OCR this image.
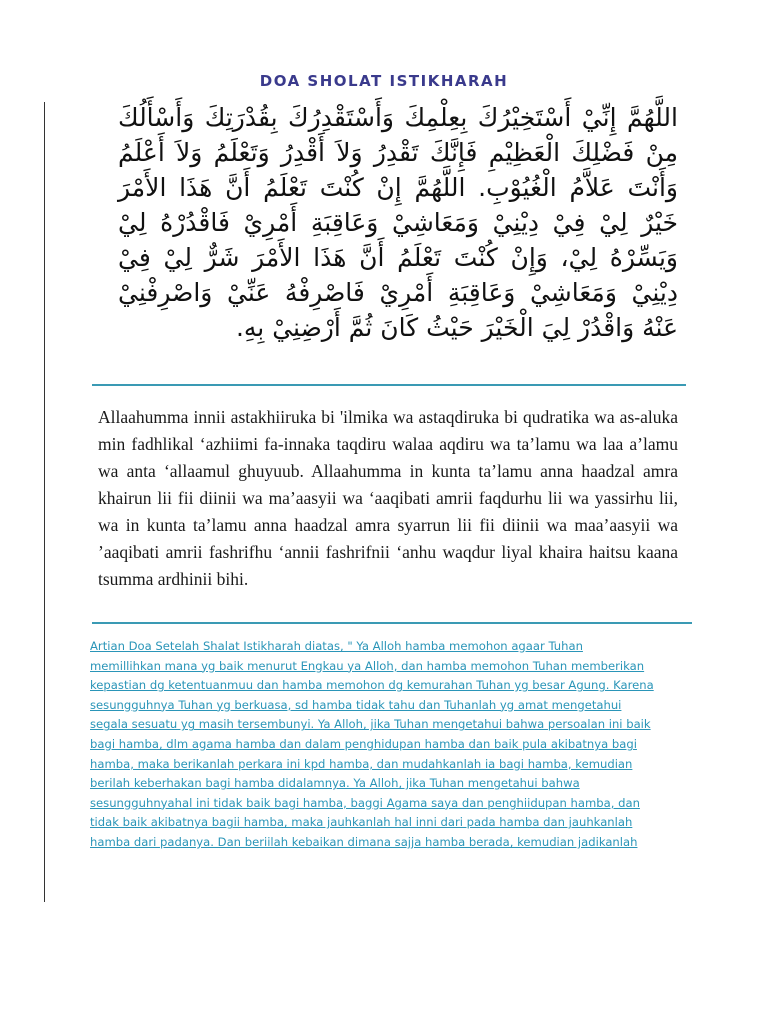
DOA SHOLAT ISTIKHARAH

اللَّهُمَّ إِنِّيْ أَسْتَخِيْرُكَ بِعِلْمِكَ وَأَسْتَقْدِرُكَ بِقُدْرَتِكَ وَأَسْأَلُكَ مِنْ فَضْلِكَ الْعَظِيْمِ فَإِنَّكَ تَقْدِرُ وَلاَ أَقْدِرُ وَتَعْلَمُ وَلاَ أَعْلَمُ وَأَنْتَ عَلاَّمُ الْغُيُوْبِ. اللَّهُمَّ إِنْ كُنْتَ تَعْلَمُ أَنَّ هَذَا الأَمْرَ خَيْرٌ لِيْ فِيْ دِيْنِيْ وَمَعَاشِيْ وَعَاقِبَةِ أَمْرِيْ فَاقْدُرْهُ لِيْ وَيَسِّرْهُ لِيْ، وَإِنْ كُنْتَ تَعْلَمُ أَنَّ هَذَا الأَمْرَ شَرٌّ لِيْ فِيْ دِيْنِيْ وَمَعَاشِيْ وَعَاقِبَةِ أَمْرِيْ فَاصْرِفْهُ عَنِّيْ وَاصْرِفْنِيْ عَنْهُ وَاقْدُرْ لِيَ الْخَيْرَ حَيْثُ كَانَ ثُمَّ أَرْضِنِيْ بِهِ.

Allaahumma innii astakhiiruka bi 'ilmika wa astaqdiruka bi qudratika wa as-aluka min fadhlikal ‘azhiimi fa-innaka taqdiru walaa aqdiru wa ta’lamu wa laa a’lamu wa anta ‘allaamul ghuyuub. Allaahumma in kunta ta’lamu anna haadzal amra khairun lii fii diinii wa ma’aasyii wa ‘aaqibati amrii faqdurhu lii wa yassirhu lii, wa in kunta ta’lamu anna haadzal amra syarrun lii fii diinii wa maa’aasyii wa ’aaqibati amrii fashrifhu ‘annii fashrifnii ‘anhu waqdur liyal khaira haitsu kaana tsumma ardhinii bihi.

Artian Doa Setelah Shalat Istikharah diatas, " Ya Alloh hamba memohon agaar Tuhan memillihkan mana yg baik menurut Engkau ya Alloh, dan hamba memohon Tuhan memberikan kepastian dg ketentuanmuu dan hamba memohon dg kemurahan Tuhan yg besar Agung. Karena sesungguhnya Tuhan yg berkuasa, sd hamba tidak tahu dan Tuhanlah yg amat mengetahui segala sesuatu yg masih tersembunyi. Ya Alloh, jika Tuhan mengetahui bahwa persoalan ini baik bagi hamba, dlm agama hamba dan dalam penghidupan hamba dan baik pula akibatnya bagi hamba, maka berikanlah perkara ini kpd hamba, dan mudahkanlah ia bagi hamba, kemudian berilah keberhakan bagi hamba didalamnya. Ya Alloh, jika Tuhan mengetahui bahwa sesungguhnyahal ini tidak baik bagi hamba, baggi Agama saya dan penghiidupan hamba, dan tidak baik akibatnya bagii hamba, maka jauhkanlah hal inni dari pada hamba dan jauhkanlah hamba dari padanya. Dan beriilah kebaikan dimana sajja hamba berada, kemudian jadikanlah
